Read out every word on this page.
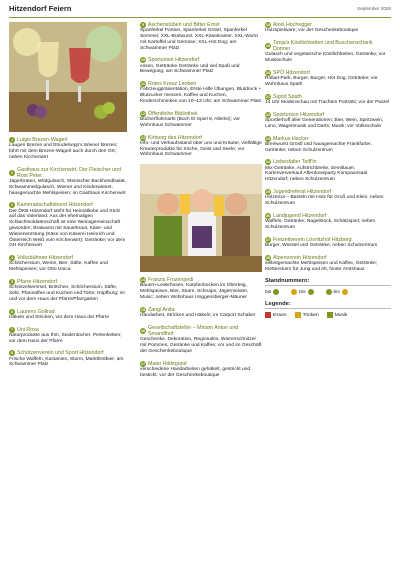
Hitzendorf Feiern	September 2026
1 Luigis Brezen-Wagerl
Laugen Brezen und Strudelsepp's Wiener Brezen; führt mit dem Brezen-Wagerl auch durch den Ort; neben Kirchenwirt
2
Gasthaus zur Kirchenwirt, Der Fleischer und Rost Peter
Jägerbraten, Wildgulasch, Steirischer Backhendlsalat, Schwammerlgulasch, Wiener und Kinderwienet, hausgemachte Mehlspeisen; im Gasthaus Kirchenwirt
3 Kameradschaftsbund Hitzendorf
Der ÖKB Hitzendorf steht für Heimatliebe und Stolz auf das Vaterland. Aus der ehemaligen Schlachtsoldatenschaft ist eine Weinsgemeinschaft geworden; Bratwurst mit Sauerkraut, Käse- und Wienerwürstung (Käse von Käserei Heinrich und Österreich Weiß vom Kirchenwirt); Getränke; vor dem GH Kirchenwirt
4 Volksbühnen Hitzendorf
Schilcherstum, Weine, Bier, Säfte, Kaffee und Mehlspeisen; vor Otto Unica
5 Pfarre Hitzendorf
Schnitzelsemmel, Brötchen, Schilcherstum, Säfte, Sekt, Pfannaffee und Kuchen und Torte; Hüpfburg; im und vor dem Haus der Pfarre/Pfarrgarten
6 Laurens Gollrad
Häkeln und Stricken; vor dem Haus der Pfarre
7 Uni Rosa
Naturprodukte aus Ihm, Seidentücher, Perlenketten; vor dem Haus der Pfarre
8 Schützenverein und Sport Hitzendorf
Frische Waffeln, Kastanien, Sturm, Marktfestbier; am Schwammer Platz
9 Aschenstüberl und Bitter Ernst
Spanferkel Portion, Spanferkel Gröstl, Spanferkel Semmel, XXL-Bratwurst, XXL-Käsekrainer, XXL-Wurst mit Kartoffel und Gemüse; XXL-Hot Dog; am Schwammer Platz
10 Sportunion Hitzendorf
essen, Gettränke Getränke und viel Spaß und Bewegung; am Schwammer Platz
11 Rotes Kreuz Leoben
Fahrzeugpräsentation, Erste Hilfe Übungen, Blutdruck + Blutzucker messen, Kaffee und Kuchen, Kinderschminken von 10–13 Uhr; am Schwammer Platz
12 Öffentliche Bibliothek
Bücherflohmarkt (Buch El Spiel 8, Allerlei); vor Wohnhaus Schwammer
13 Kirbung des Hitzendorf
Info- und Verkaufsstand über uns und Kräuter, vielfältige Kräuterprodukte für Küche, Geist und Seele; vor Wohnhaus Schwammer
14 Franzis Frozenpedi
Bauern-Lederhosen, Karpfenbocken im Oberteig, Mehlspeisen, Bier, Sturm, Schnaps, Jägermeister, Music; neben Wohnhaus Hoggensberger-Mäuner
15 Zangl Anita
Handarbeit, Stricken und Häkeln; im Carport Schaber
16
Gesellschaftsteller – Miriam Anton und Smandlhof
Geschenke, Dekoration, Regionales, Wienerschnitzel mit Pommes, Getränke und Kaffee; vor und im Geschäft der Geschenkeboutique
17 Maier Hildegund
verschiedene Handarbeiten gehäkelt, gestrickt und bestickt; vor der Geschenkeboutique
18 Alois Hochegger
Holzspielware; vor der Geschenkeboutique
19
Tanja's Köstlichkeiten und Buschenschank Donner
Gulasch und vegetarische Köstlichkeiten, Getränke; vor Musikschule
20 SPÖ Hitzendorf
Rollad-Park, Burger, Burger, Hot Dog, Getränke; vor Wohnhaus Spath
21 Sigrid Spath
14 Uhr Modenschau mit Trachten Porträts; vor der Pwizel
22 Sportunion Hitzendorf
Sportlerhoff aller Generationen; Bier, Wein, Spritzwein, Limo, Wagerlmusik und Darts; Musik; vor Volksschule
23 Markus Hacker
Breinwurst Gröstl und hausgemachte Frankfurter, Getränke; neben Schulzentrum
24 Liebesfalter Teiff'in
Mix-Getränke, Aufstrichbreite, Semiltauer, Kartenververkauf Afterdowsparty Kompaunsaal Hitzendorf; neben Schulzentrum
25 Jugendreferat Hitzendorf
Holzerixx – Basteln mit Holz für Groß und Klein; neben Schulzentrum
26 Landjugend Hitzendorf
Waffeln, Getränke, Nagelstock, Schätzspiel; neben Schulzentrum
27 Freizeitverein Lösnitzhof Hitzberg
Burger, Würstel und Getränke; neben Schulzentrum
28 Alpenverein Hitzendorf
selbstgemachte Mehlspeisen und Kaffee, Getränke; Klettersturm für Jung und Alt, hinter Amtshaus
Standnummern:
bis	bis	bis
Legende:
Essen	Trinken	Musik
